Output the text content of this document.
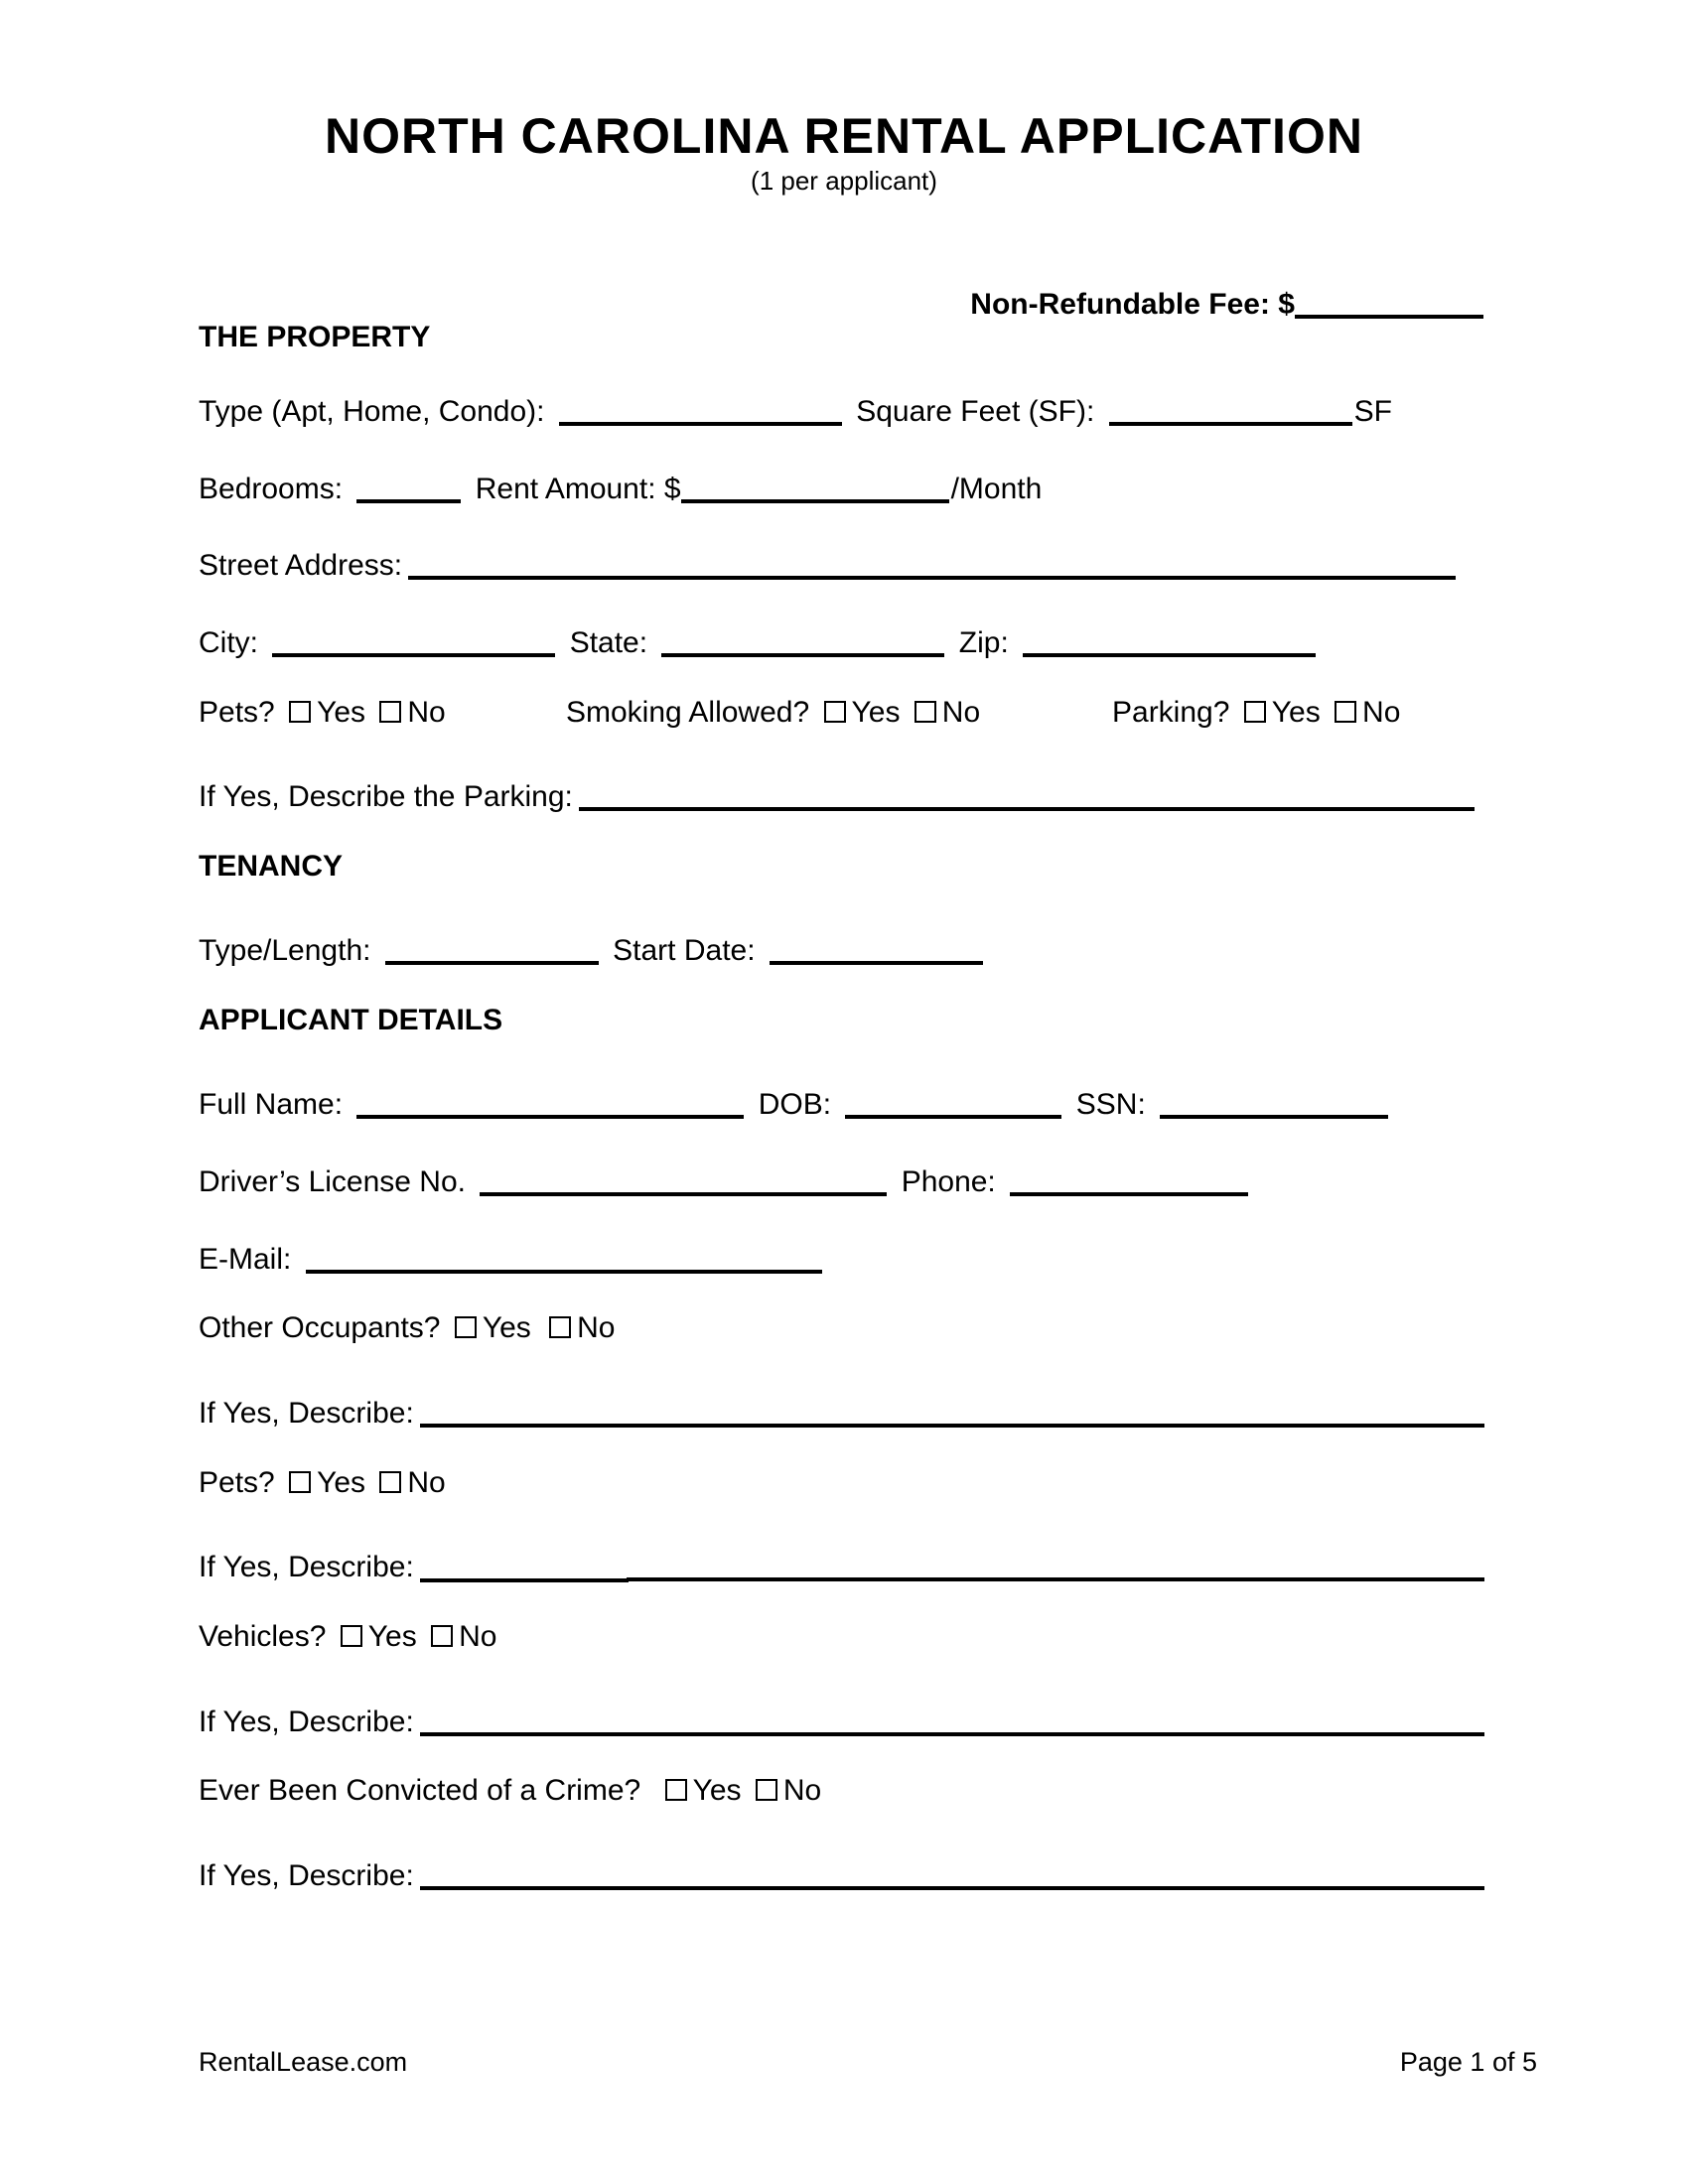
NORTH CAROLINA RENTAL APPLICATION
(1 per applicant)
Non-Refundable Fee: $
THE PROPERTY
Type (Apt, Home, Condo):	Square Feet (SF):	SF
Bedrooms:	Rent Amount: $	/Month
Street Address:
City:	State:	Zip:
Pets? Yes No	Smoking Allowed? Yes No	Parking? Yes No
If Yes, Describe the Parking:
TENANCY
Type/Length:	Start Date:
APPLICANT DETAILS
Full Name:	DOB:	SSN:
Driver’s License No.	Phone:
E-Mail:
Other Occupants? Yes No
If Yes, Describe:
Pets? Yes No
If Yes, Describe:
Vehicles? Yes No
If Yes, Describe:
Ever Been Convicted of a Crime? Yes No
If Yes, Describe:
RentalLease.com	Page 1 of 5
